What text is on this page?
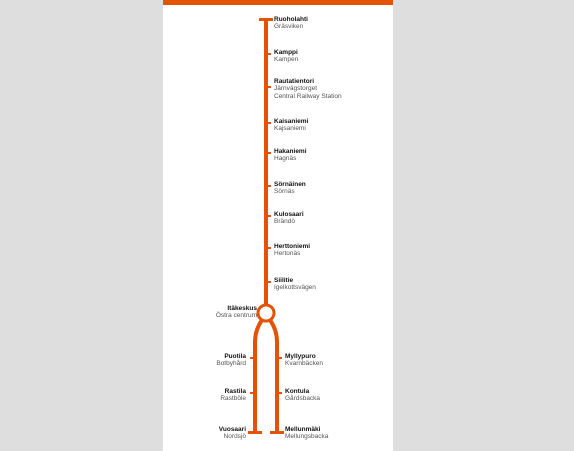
Ruoholahti
Gräsviken
Kamppi
Kampen
Rautatientori
Järnvägstorget
Central Railway Station
Kaisaniemi
Kajsaniemi
Hakaniemi
Hagnäs
Sörnäinen
Sörnäs
Kulosaari
Brändö
Herttoniemi
Hertonäs
Siilitie
Igelkottsvägen
Itäkeskus
Östra centrum
Puotila
Botbyhård
Rastila
Rastböle
Vuosaari
Nordsjö
Myllypuro
Kvarnbäcken
Kontula
Gårdsbacka
Mellunmäki
Mellungsbacka
